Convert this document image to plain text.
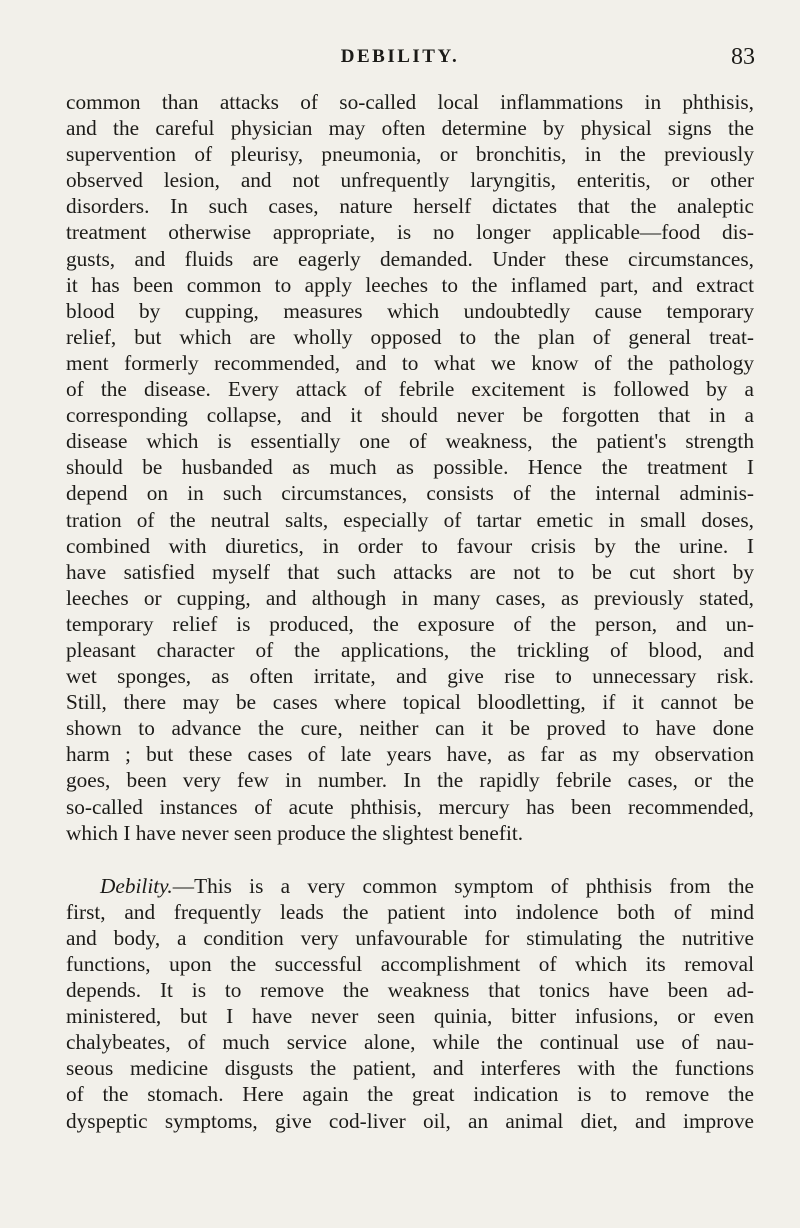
DEBILITY.	83

common than attacks of so-called local inflammations in phthisis,
and the careful physician may often determine by physical signs the
supervention of pleurisy, pneumonia, or bronchitis, in the previously
observed lesion, and not unfrequently laryngitis, enteritis, or other
disorders. In such cases, nature herself dictates that the analeptic
treatment otherwise appropriate, is no longer applicable—food dis-
gusts, and fluids are eagerly demanded. Under these circumstances,
it has been common to apply leeches to the inflamed part, and extract
blood by cupping, measures which undoubtedly cause temporary
relief, but which are wholly opposed to the plan of general treat-
ment formerly recommended, and to what we know of the pathology
of the disease. Every attack of febrile excitement is followed by a
corresponding collapse, and it should never be forgotten that in a
disease which is essentially one of weakness, the patient's strength
should be husbanded as much as possible. Hence the treatment I
depend on in such circumstances, consists of the internal adminis-
tration of the neutral salts, especially of tartar emetic in small doses,
combined with diuretics, in order to favour crisis by the urine. I
have satisfied myself that such attacks are not to be cut short by
leeches or cupping, and although in many cases, as previously stated,
temporary relief is produced, the exposure of the person, and un-
pleasant character of the applications, the trickling of blood, and
wet sponges, as often irritate, and give rise to unnecessary risk.
Still, there may be cases where topical bloodletting, if it cannot be
shown to advance the cure, neither can it be proved to have done
harm ; but these cases of late years have, as far as my observation
goes, been very few in number. In the rapidly febrile cases, or the
so-called instances of acute phthisis, mercury has been recommended,
which I have never seen produce the slightest benefit.

Debility.—This is a very common symptom of phthisis from the
first, and frequently leads the patient into indolence both of mind
and body, a condition very unfavourable for stimulating the nutritive
functions, upon the successful accomplishment of which its removal
depends. It is to remove the weakness that tonics have been ad-
ministered, but I have never seen quinia, bitter infusions, or even
chalybeates, of much service alone, while the continual use of nau-
seous medicine disgusts the patient, and interferes with the functions
of the stomach. Here again the great indication is to remove the
dyspeptic symptoms, give cod-liver oil, an animal diet, and improve
